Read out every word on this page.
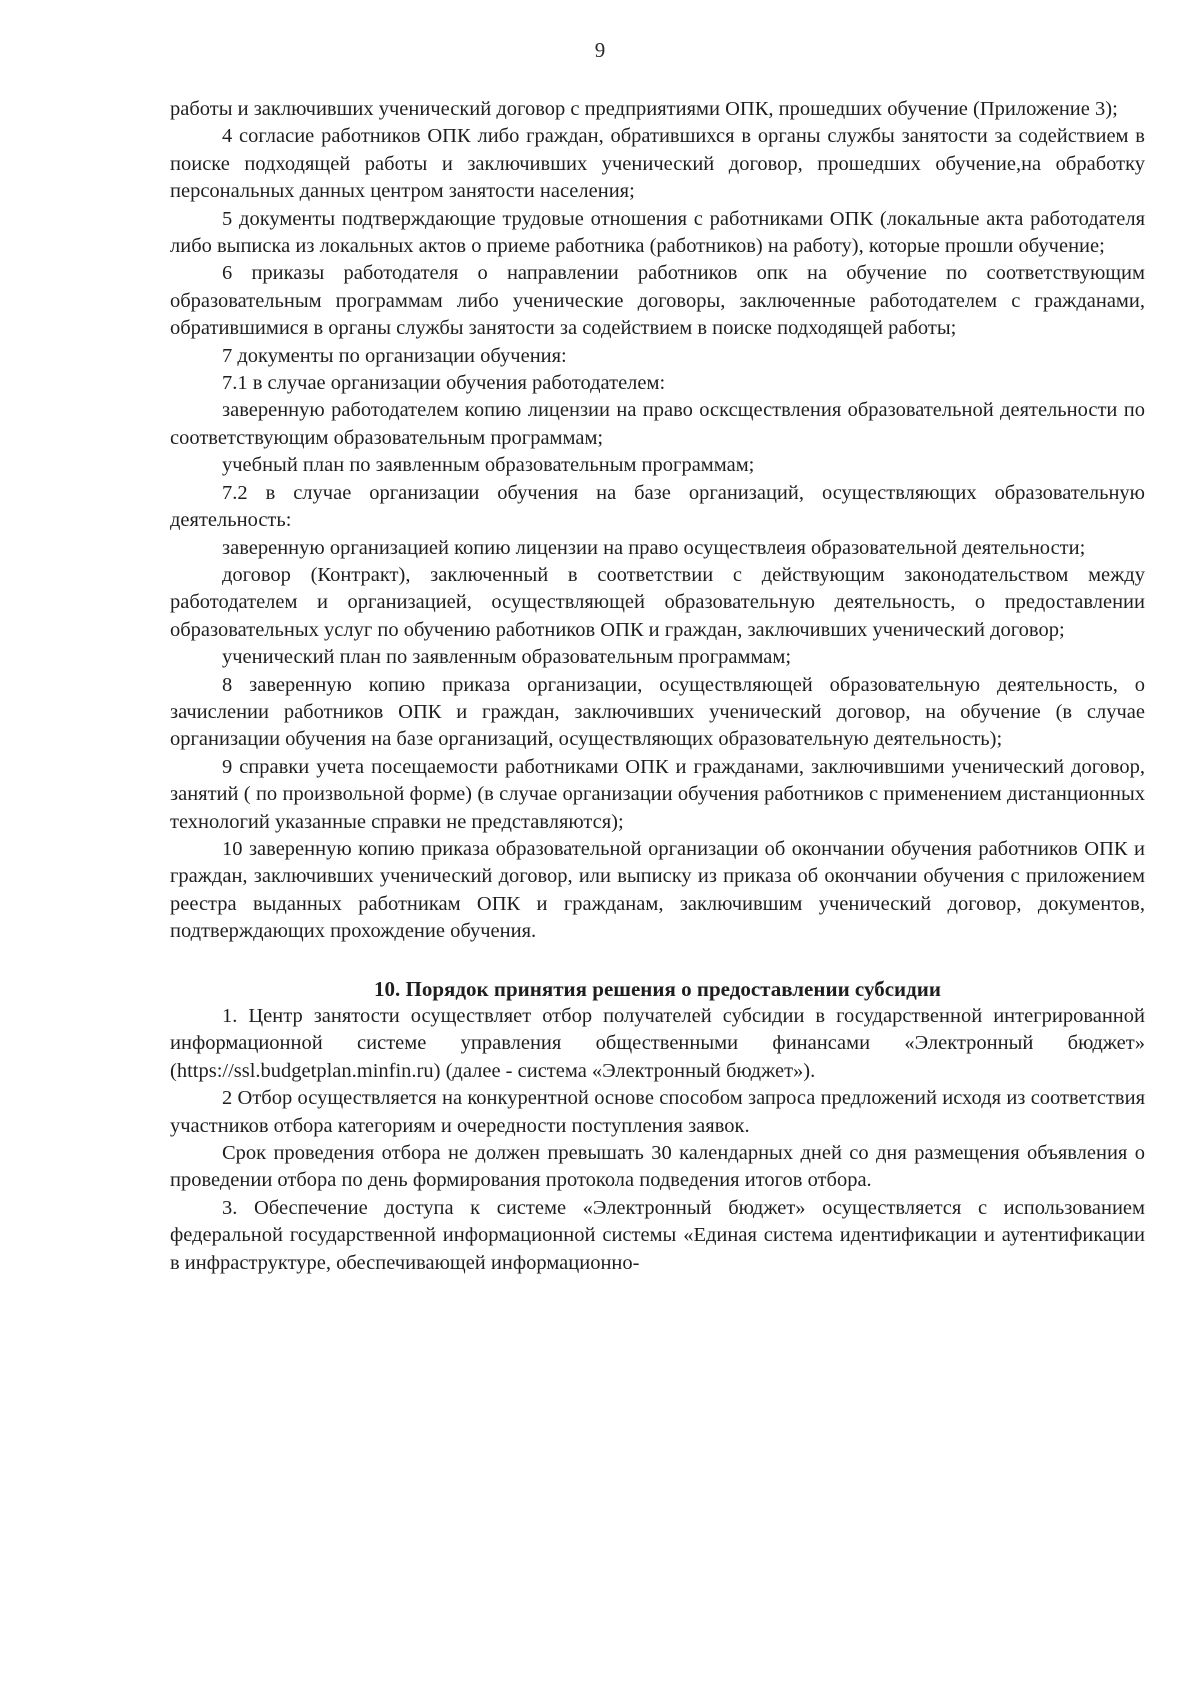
9

работы и заключивших ученический договор с предприятиями ОПК, прошедших обучение (Приложение 3);

4 согласие работников ОПК либо граждан, обратившихся в органы службы занятости за содействием в поиске подходящей работы и заключивших ученический договор, прошедших обучение,на обработку персональных данных центром занятости населения;

5 документы подтверждающие трудовые отношения с работниками ОПК (локальные акта работодателя либо выписка из локальных актов о приеме работника (работников) на работу), которые прошли обучение;

6 приказы работодателя о направлении работников опк на обучение по соответствующим образовательным программам либо ученические договоры, заключенные работодателем с гражданами, обратившимися в органы службы занятости за содействием в поиске подходящей работы;

7 документы по организации обучения:

7.1 в случае организации обучения работодателем:

заверенную работодателем копию лицензии на право осксществления образовательной деятельности по соответствующим образовательным программам;

учебный план по заявленным образовательным программам;

7.2 в случае организации обучения на базе организаций, осуществляющих образовательную деятельность:

заверенную организацией копию лицензии на право осуществлеия образовательной деятельности;

договор (Контракт), заключенный в соответствии с действующим законодательством между работодателем и организацией, осуществляющей образовательную деятельность, о предоставлении образовательных услуг по обучению работников ОПК и граждан, заключивших ученический договор;

ученический план по заявленным образовательным программам;

8 заверенную копию приказа организации, осуществляющей образовательную деятельность, о зачислении работников ОПК и граждан, заключивших ученический договор, на обучение (в случае организации обучения на базе организаций, осуществляющих образовательную деятельность);

9 справки учета посещаемости работниками ОПК и гражданами, заключившими ученический договор, занятий ( по произвольной форме) (в случае организации обучения работников с применением дистанционных технологий указанные справки не представляются);

10 заверенную копию приказа образовательной организации об окончании обучения работников ОПК и граждан, заключивших ученический договор, или выписку из приказа об окончании обучения с приложением реестра выданных работникам ОПК и гражданам, заключившим ученический договор, документов, подтверждающих прохождение обучения.

10. Порядок принятия решения о предоставлении субсидии

1. Центр занятости осуществляет отбор получателей субсидии в государственной интегрированной информационной системе управления общественными финансами «Электронный бюджет» (https://ssl.budgetplan.minfin.ru) (далее - система «Электронный бюджет»).

2 Отбор осуществляется на конкурентной основе способом запроса предложений исходя из соответствия участников отбора категориям и очередности поступления заявок.

Срок проведения отбора не должен превышать 30 календарных дней со дня размещения объявления о проведении отбора по день формирования протокола подведения итогов отбора.

3. Обеспечение доступа к системе «Электронный бюджет» осуществляется с использованием федеральной государственной информационной системы «Единая система идентификации и аутентификации в инфраструктуре, обеспечивающей информационно-
